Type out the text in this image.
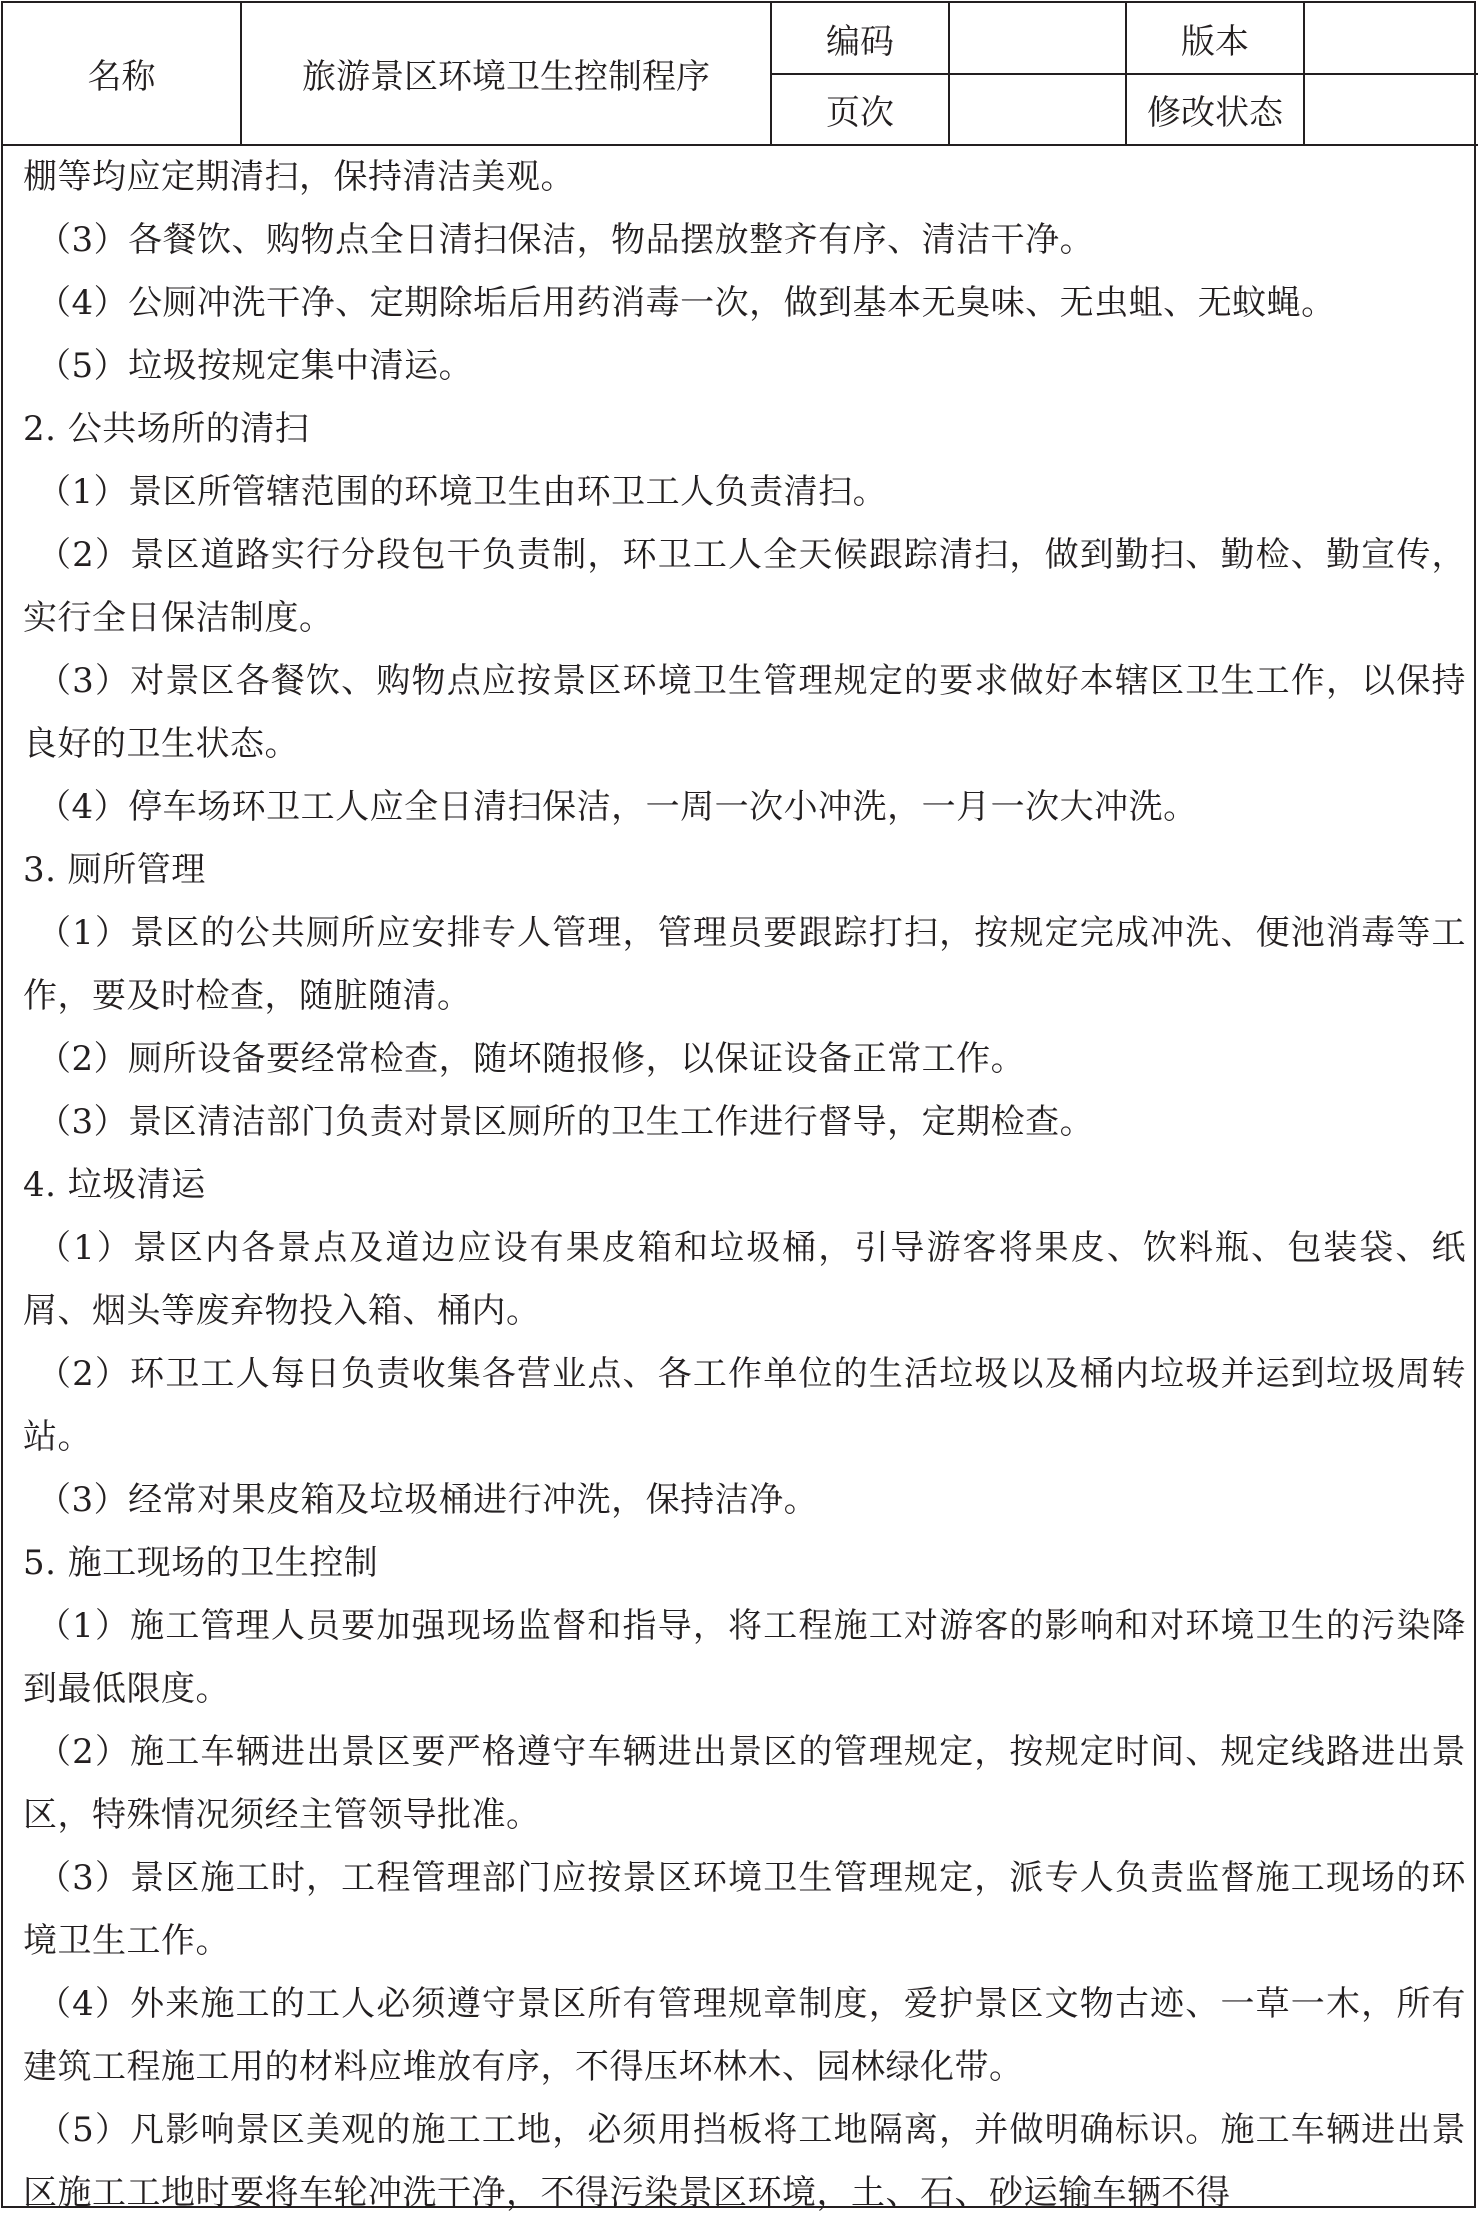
名称	旅游景区环境卫生控制程序
编码	版本
页次	修改状态

棚等均应定期清扫，保持清洁美观。

（3）各餐饮、购物点全日清扫保洁，物品摆放整齐有序、清洁干净。

（4）公厕冲洗干净、定期除垢后用药消毒一次，做到基本无臭味、无虫蛆、无蚊蝇。

（5）垃圾按规定集中清运。

2. 公共场所的清扫

（1）景区所管辖范围的环境卫生由环卫工人负责清扫。

（2）景区道路实行分段包干负责制，环卫工人全天候跟踪清扫，做到勤扫、勤检、勤宣传，实行全日保洁制度。

（3）对景区各餐饮、购物点应按景区环境卫生管理规定的要求做好本辖区卫生工作，以保持良好的卫生状态。

（4）停车场环卫工人应全日清扫保洁，一周一次小冲洗，一月一次大冲洗。

3. 厕所管理

（1）景区的公共厕所应安排专人管理，管理员要跟踪打扫，按规定完成冲洗、便池消毒等工作，要及时检查，随脏随清。

（2）厕所设备要经常检查，随坏随报修，以保证设备正常工作。

（3）景区清洁部门负责对景区厕所的卫生工作进行督导，定期检查。

4. 垃圾清运

（1）景区内各景点及道边应设有果皮箱和垃圾桶，引导游客将果皮、饮料瓶、包装袋、纸屑、烟头等废弃物投入箱、桶内。

（2）环卫工人每日负责收集各营业点、各工作单位的生活垃圾以及桶内垃圾并运到垃圾周转站。

（3）经常对果皮箱及垃圾桶进行冲洗，保持洁净。

5. 施工现场的卫生控制

（1）施工管理人员要加强现场监督和指导，将工程施工对游客的影响和对环境卫生的污染降到最低限度。

（2）施工车辆进出景区要严格遵守车辆进出景区的管理规定，按规定时间、规定线路进出景区，特殊情况须经主管领导批准。

（3）景区施工时，工程管理部门应按景区环境卫生管理规定，派专人负责监督施工现场的环境卫生工作。

（4）外来施工的工人必须遵守景区所有管理规章制度，爱护景区文物古迹、一草一木，所有建筑工程施工用的材料应堆放有序，不得压坏林木、园林绿化带。

（5）凡影响景区美观的施工工地，必须用挡板将工地隔离，并做明确标识。施工车辆进出景区施工工地时要将车轮冲洗干净，不得污染景区环境，土、石、砂运输车辆不得
